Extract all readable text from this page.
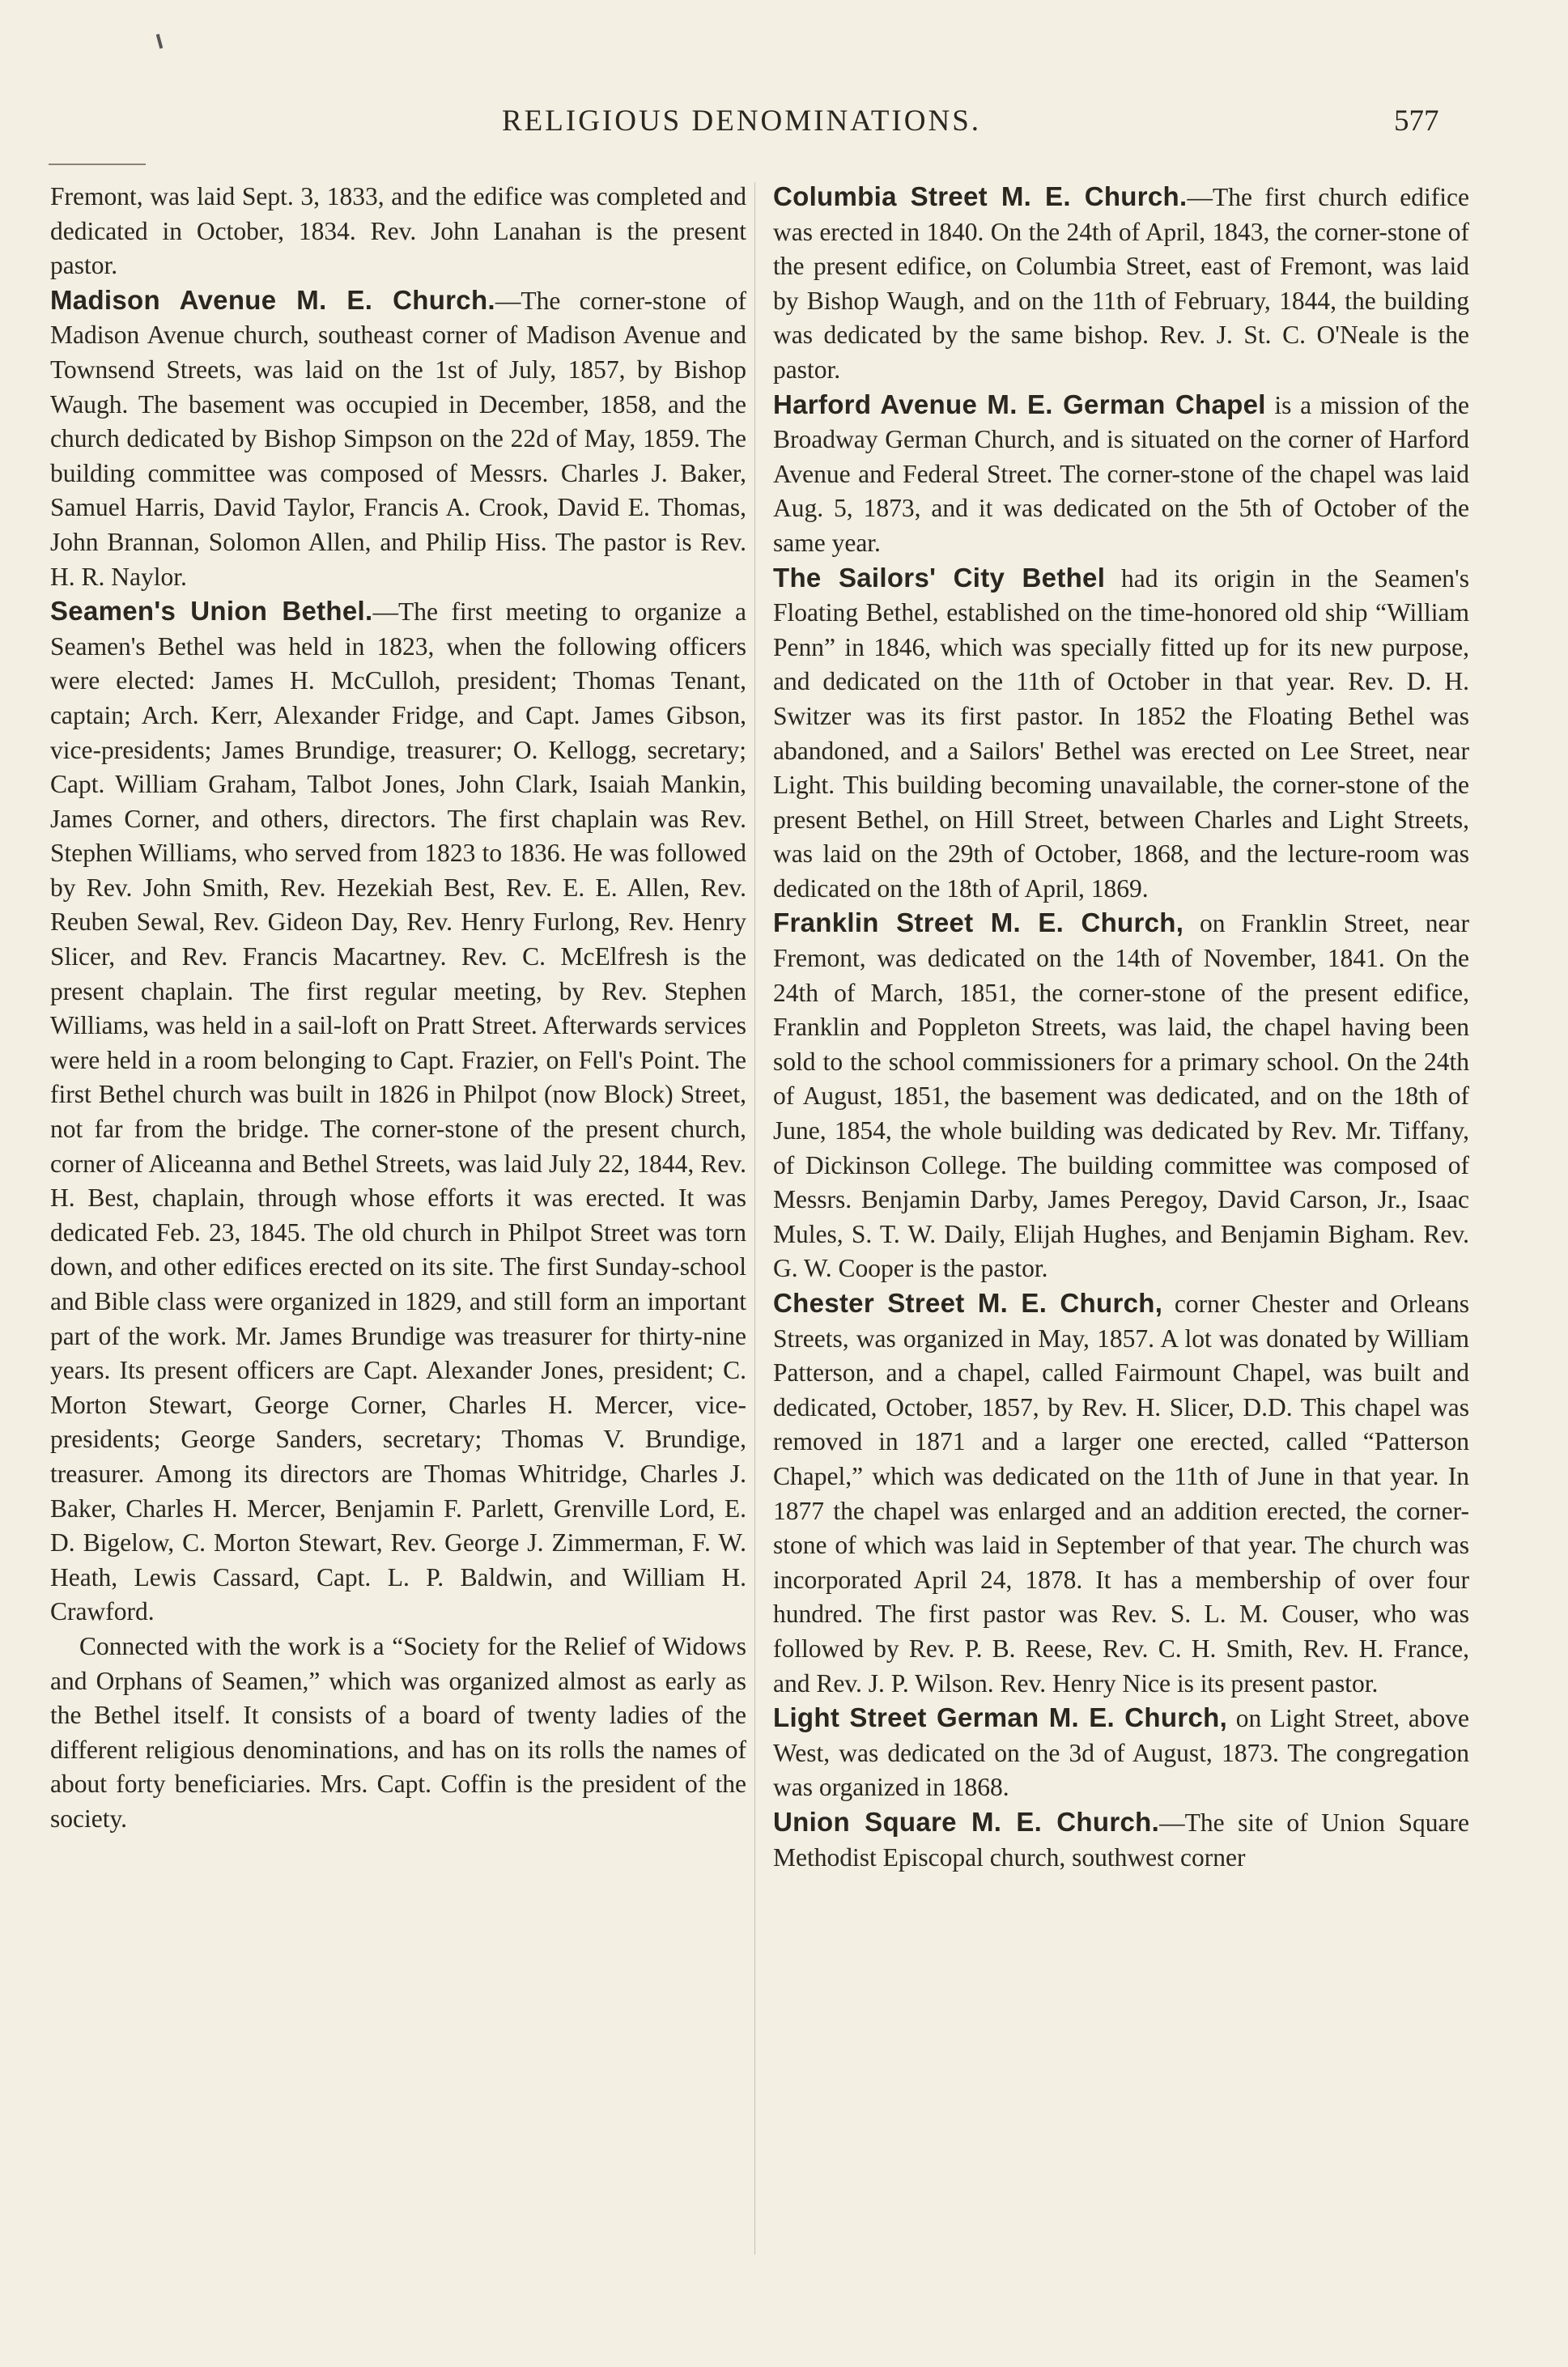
RELIGIOUS DENOMINATIONS.	577

Fremont, was laid Sept. 3, 1833, and the edifice was completed and dedicated in October, 1834. Rev. John Lanahan is the present pastor.

Madison Avenue M. E. Church.—The corner-stone of Madison Avenue church, southeast corner of Madison Avenue and Townsend Streets, was laid on the 1st of July, 1857, by Bishop Waugh. The basement was occupied in December, 1858, and the church dedicated by Bishop Simpson on the 22d of May, 1859. The building committee was composed of Messrs. Charles J. Baker, Samuel Harris, David Taylor, Francis A. Crook, David E. Thomas, John Brannan, Solomon Allen, and Philip Hiss. The pastor is Rev. H. R. Naylor.

Seamen's Union Bethel.—The first meeting to organize a Seamen's Bethel was held in 1823, when the following officers were elected: James H. McCulloh, president; Thomas Tenant, captain; Arch. Kerr, Alexander Fridge, and Capt. James Gibson, vice-presidents; James Brundige, treasurer; O. Kellogg, secretary; Capt. William Graham, Talbot Jones, John Clark, Isaiah Mankin, James Corner, and others, directors. The first chaplain was Rev. Stephen Williams, who served from 1823 to 1836. He was followed by Rev. John Smith, Rev. Hezekiah Best, Rev. E. E. Allen, Rev. Reuben Sewal, Rev. Gideon Day, Rev. Henry Furlong, Rev. Henry Slicer, and Rev. Francis Macartney. Rev. C. McElfresh is the present chaplain. The first regular meeting, by Rev. Stephen Williams, was held in a sail-loft on Pratt Street. Afterwards services were held in a room belonging to Capt. Frazier, on Fell's Point. The first Bethel church was built in 1826 in Philpot (now Block) Street, not far from the bridge. The corner-stone of the present church, corner of Aliceanna and Bethel Streets, was laid July 22, 1844, Rev. H. Best, chaplain, through whose efforts it was erected. It was dedicated Feb. 23, 1845. The old church in Philpot Street was torn down, and other edifices erected on its site. The first Sunday-school and Bible class were organized in 1829, and still form an important part of the work. Mr. James Brundige was treasurer for thirty-nine years. Its present officers are Capt. Alexander Jones, president; C. Morton Stewart, George Corner, Charles H. Mercer, vice-presidents; George Sanders, secretary; Thomas V. Brundige, treasurer. Among its directors are Thomas Whitridge, Charles J. Baker, Charles H. Mercer, Benjamin F. Parlett, Grenville Lord, E. D. Bigelow, C. Morton Stewart, Rev. George J. Zimmerman, F. W. Heath, Lewis Cassard, Capt. L. P. Baldwin, and William H. Crawford.

Connected with the work is a “Society for the Relief of Widows and Orphans of Seamen,” which was organized almost as early as the Bethel itself. It consists of a board of twenty ladies of the different religious denominations, and has on its rolls the names of about forty beneficiaries. Mrs. Capt. Coffin is the president of the society.

Columbia Street M. E. Church.—The first church edifice was erected in 1840. On the 24th of April, 1843, the corner-stone of the present edifice, on Columbia Street, east of Fremont, was laid by Bishop Waugh, and on the 11th of February, 1844, the building was dedicated by the same bishop. Rev. J. St. C. O'Neale is the pastor.

Harford Avenue M. E. German Chapel is a mission of the Broadway German Church, and is situated on the corner of Harford Avenue and Federal Street. The corner-stone of the chapel was laid Aug. 5, 1873, and it was dedicated on the 5th of October of the same year.

The Sailors' City Bethel had its origin in the Seamen's Floating Bethel, established on the time-honored old ship “William Penn” in 1846, which was specially fitted up for its new purpose, and dedicated on the 11th of October in that year. Rev. D. H. Switzer was its first pastor. In 1852 the Floating Bethel was abandoned, and a Sailors' Bethel was erected on Lee Street, near Light. This building becoming unavailable, the corner-stone of the present Bethel, on Hill Street, between Charles and Light Streets, was laid on the 29th of October, 1868, and the lecture-room was dedicated on the 18th of April, 1869.

Franklin Street M. E. Church, on Franklin Street, near Fremont, was dedicated on the 14th of November, 1841. On the 24th of March, 1851, the corner-stone of the present edifice, Franklin and Poppleton Streets, was laid, the chapel having been sold to the school commissioners for a primary school. On the 24th of August, 1851, the basement was dedicated, and on the 18th of June, 1854, the whole building was dedicated by Rev. Mr. Tiffany, of Dickinson College. The building committee was composed of Messrs. Benjamin Darby, James Peregoy, David Carson, Jr., Isaac Mules, S. T. W. Daily, Elijah Hughes, and Benjamin Bigham. Rev. G. W. Cooper is the pastor.

Chester Street M. E. Church, corner Chester and Orleans Streets, was organized in May, 1857. A lot was donated by William Patterson, and a chapel, called Fairmount Chapel, was built and dedicated, October, 1857, by Rev. H. Slicer, D.D. This chapel was removed in 1871 and a larger one erected, called “Patterson Chapel,” which was dedicated on the 11th of June in that year. In 1877 the chapel was enlarged and an addition erected, the corner-stone of which was laid in September of that year. The church was incorporated April 24, 1878. It has a membership of over four hundred. The first pastor was Rev. S. L. M. Couser, who was followed by Rev. P. B. Reese, Rev. C. H. Smith, Rev. H. France, and Rev. J. P. Wilson. Rev. Henry Nice is its present pastor.

Light Street German M. E. Church, on Light Street, above West, was dedicated on the 3d of August, 1873. The congregation was organized in 1868.

Union Square M. E. Church.—The site of Union Square Methodist Episcopal church, southwest corner
